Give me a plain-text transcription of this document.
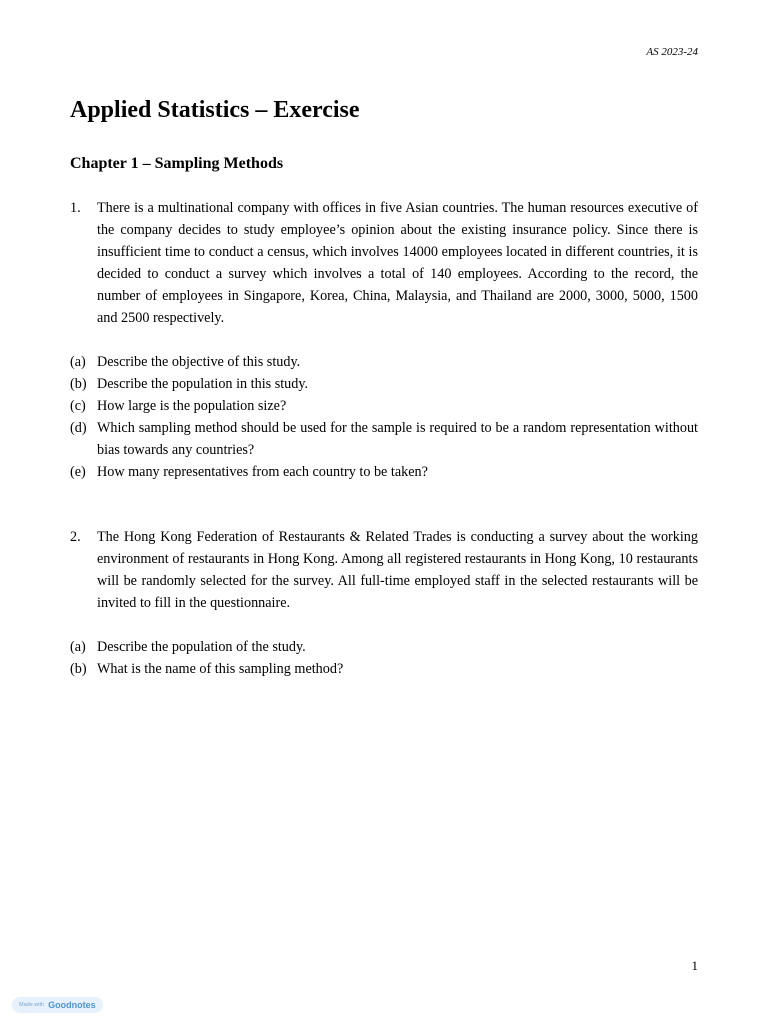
AS 2023-24
Applied Statistics – Exercise
Chapter 1 – Sampling Methods
1.	There is a multinational company with offices in five Asian countries. The human resources executive of the company decides to study employee’s opinion about the existing insurance policy. Since there is insufficient time to conduct a census, which involves 14000 employees located in different countries, it is decided to conduct a survey which involves a total of 140 employees. According to the record, the number of employees in Singapore, Korea, China, Malaysia, and Thailand are 2000, 3000, 5000, 1500 and 2500 respectively.
(a) Describe the objective of this study.
(b) Describe the population in this study.
(c) How large is the population size?
(d) Which sampling method should be used for the sample is required to be a random representation without bias towards any countries?
(e) How many representatives from each country to be taken?
2.	The Hong Kong Federation of Restaurants & Related Trades is conducting a survey about the working environment of restaurants in Hong Kong. Among all registered restaurants in Hong Kong, 10 restaurants will be randomly selected for the survey. All full-time employed staff in the selected restaurants will be invited to fill in the questionnaire.
(a) Describe the population of the study.
(b) What is the name of this sampling method?
1
Made with Goodnotes
